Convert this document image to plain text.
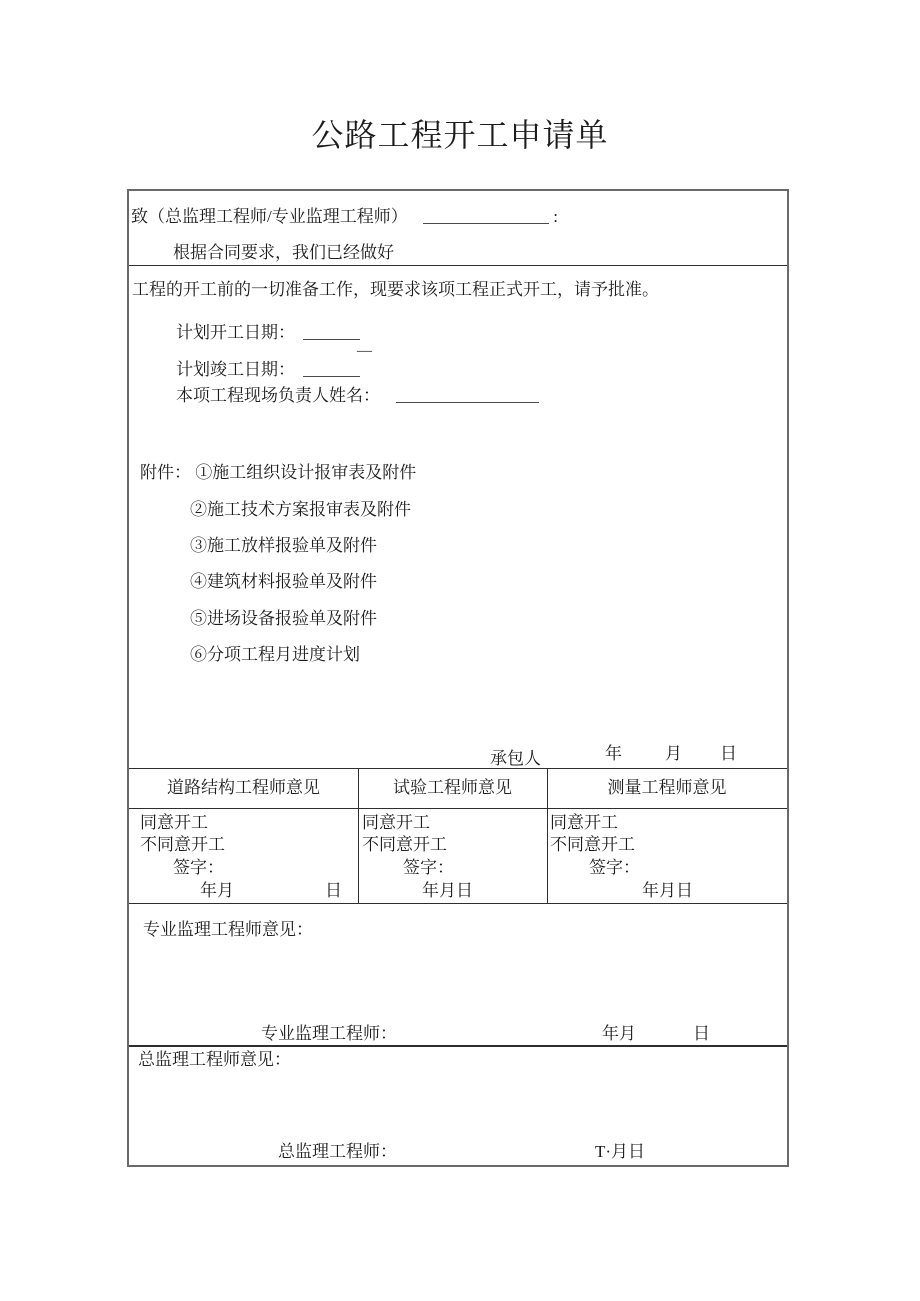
公路工程开工申请单
致（总监理工程师/专业监理工程师）	:
根据合同要求，我们已经做好
工程的开工前的一切准备工作，现要求该项工程正式开工，请予批准。
计划开工日期：
—
计划竣工日期：
本项工程现场负责人姓名：
附件： ①施工组织设计报审表及附件
②施工技术方案报审表及附件
③施工放样报验单及附件
④建筑材料报验单及附件
⑤进场设备报验单及附件
⑥分项工程月进度计划
承包人	年	月 日
道路结构工程师意见	试验工程师意见	测量工程师意见
同意开工
不同意开工
签字：
年月	日
同意开工
不同意开工
签字：
年月日
同意开工
不同意开工
签字：
年月日
专业监理工程师意见：
专业监理工程师：	年月	日
总监理工程师意见：
总监理工程师：	T·月日
